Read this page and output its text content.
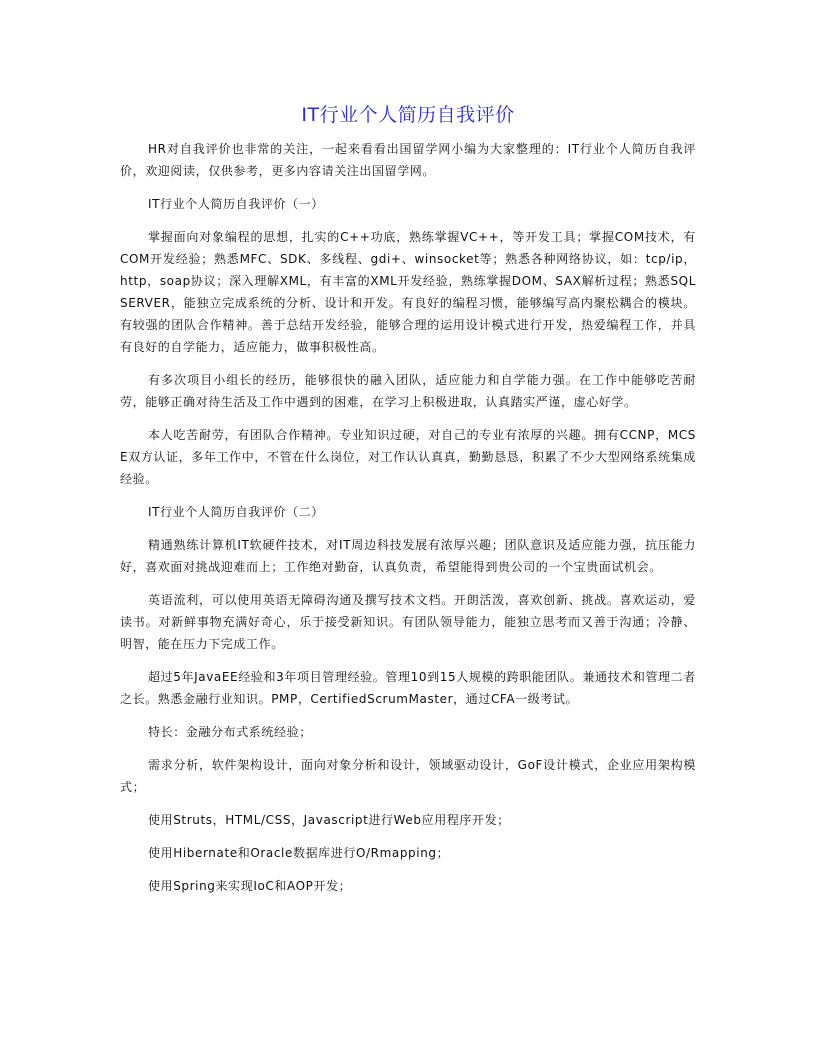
IT行业个人简历自我评价

HR对自我评价也非常的关注，一起来看看出国留学网小编为大家整理的：IT行业个人简历自我评价，欢迎阅读，仅供参考，更多内容请关注出国留学网。

IT行业个人简历自我评价（一）

掌握面向对象编程的思想，扎实的C++功底，熟练掌握VC++，等开发工具；掌握COM技术，有COM开发经验；熟悉MFC、SDK、多线程、gdi+、winsocket等；熟悉各种网络协议，如：tcp/ip，http，soap协议；深入理解XML，有丰富的XML开发经验，熟练掌握DOM、SAX解析过程；熟悉SQLSERVER，能独立完成系统的分析、设计和开发。有良好的编程习惯，能够编写高内聚松耦合的模块。有较强的团队合作精神。善于总结开发经验，能够合理的运用设计模式进行开发，热爱编程工作，并具有良好的自学能力，适应能力，做事积极性高。

有多次项目小组长的经历，能够很快的融入团队，适应能力和自学能力强。在工作中能够吃苦耐劳，能够正确对待生活及工作中遇到的困难，在学习上积极进取，认真踏实严谨，虚心好学。

本人吃苦耐劳，有团队合作精神。专业知识过硬，对自己的专业有浓厚的兴趣。拥有CCNP，MCSE双方认证，多年工作中，不管在什么岗位，对工作认认真真，勤勤恳恳，积累了不少大型网络系统集成经验。

IT行业个人简历自我评价（二）

精通熟练计算机IT软硬件技术，对IT周边科技发展有浓厚兴趣；团队意识及适应能力强，抗压能力好，喜欢面对挑战迎难而上；工作绝对勤奋，认真负责，希望能得到贵公司的一个宝贵面试机会。

英语流利，可以使用英语无障碍沟通及撰写技术文档。开朗活泼，喜欢创新、挑战。喜欢运动，爱读书。对新鲜事物充满好奇心，乐于接受新知识。有团队领导能力，能独立思考而又善于沟通；冷静、明智，能在压力下完成工作。

超过5年JavaEE经验和3年项目管理经验。管理10到15人规模的跨职能团队。兼通技术和管理二者之长。熟悉金融行业知识。PMP，CertifiedScrumMaster，通过CFA一级考试。

特长：金融分布式系统经验；

需求分析，软件架构设计，面向对象分析和设计，领域驱动设计，GoF设计模式，企业应用架构模式；

使用Struts，HTML/CSS，Javascript进行Web应用程序开发；

使用Hibernate和Oracle数据库进行O/Rmapping；

使用Spring来实现IoC和AOP开发；
